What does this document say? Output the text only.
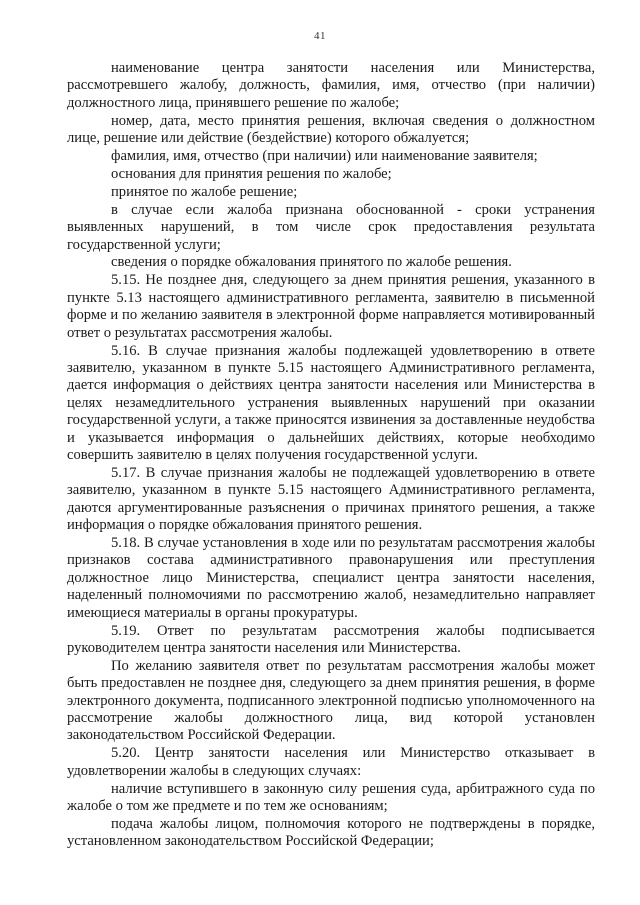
41

наименование центра занятости населения или Министерства, рассмотревшего жалобу, должность, фамилия, имя, отчество (при наличии) должностного лица, принявшего решение по жалобе;

номер, дата, место принятия решения, включая сведения о должностном лице, решение или действие (бездействие) которого обжалуется;

фамилия, имя, отчество (при наличии) или наименование заявителя;

основания для принятия решения по жалобе;

принятое по жалобе решение;

в случае если жалоба признана обоснованной - сроки устранения выявленных нарушений, в том числе срок предоставления результата государственной услуги;

сведения о порядке обжалования принятого по жалобе решения.

5.15. Не позднее дня, следующего за днем принятия решения, указанного в пункте 5.13 настоящего административного регламента, заявителю в письменной форме и по желанию заявителя в электронной форме направляется мотивированный ответ о результатах рассмотрения жалобы.

5.16. В случае признания жалобы подлежащей удовлетворению в ответе заявителю, указанном в пункте 5.15 настоящего Административного регламента, дается информация о действиях центра занятости населения или Министерства в целях незамедлительного устранения выявленных нарушений при оказании государственной услуги, а также приносятся извинения за доставленные неудобства и указывается информация о дальнейших действиях, которые необходимо совершить заявителю в целях получения государственной услуги.

5.17. В случае признания жалобы не подлежащей удовлетворению в ответе заявителю, указанном в пункте 5.15 настоящего Административного регламента, даются аргументированные разъяснения о причинах принятого решения, а также информация о порядке обжалования принятого решения.

5.18. В случае установления в ходе или по результатам рассмотрения жалобы признаков состава административного правонарушения или преступления должностное лицо Министерства, специалист центра занятости населения, наделенный полномочиями по рассмотрению жалоб, незамедлительно направляет имеющиеся материалы в органы прокуратуры.

5.19. Ответ по результатам рассмотрения жалобы подписывается руководителем центра занятости населения или Министерства.

По желанию заявителя ответ по результатам рассмотрения жалобы может быть предоставлен не позднее дня, следующего за днем принятия решения, в форме электронного документа, подписанного электронной подписью уполномоченного на рассмотрение жалобы должностного лица, вид которой установлен законодательством Российской Федерации.

5.20. Центр занятости населения или Министерство отказывает в удовлетворении жалобы в следующих случаях:

наличие вступившего в законную силу решения суда, арбитражного суда по жалобе о том же предмете и по тем же основаниям;

подача жалобы лицом, полномочия которого не подтверждены в порядке, установленном законодательством Российской Федерации;
